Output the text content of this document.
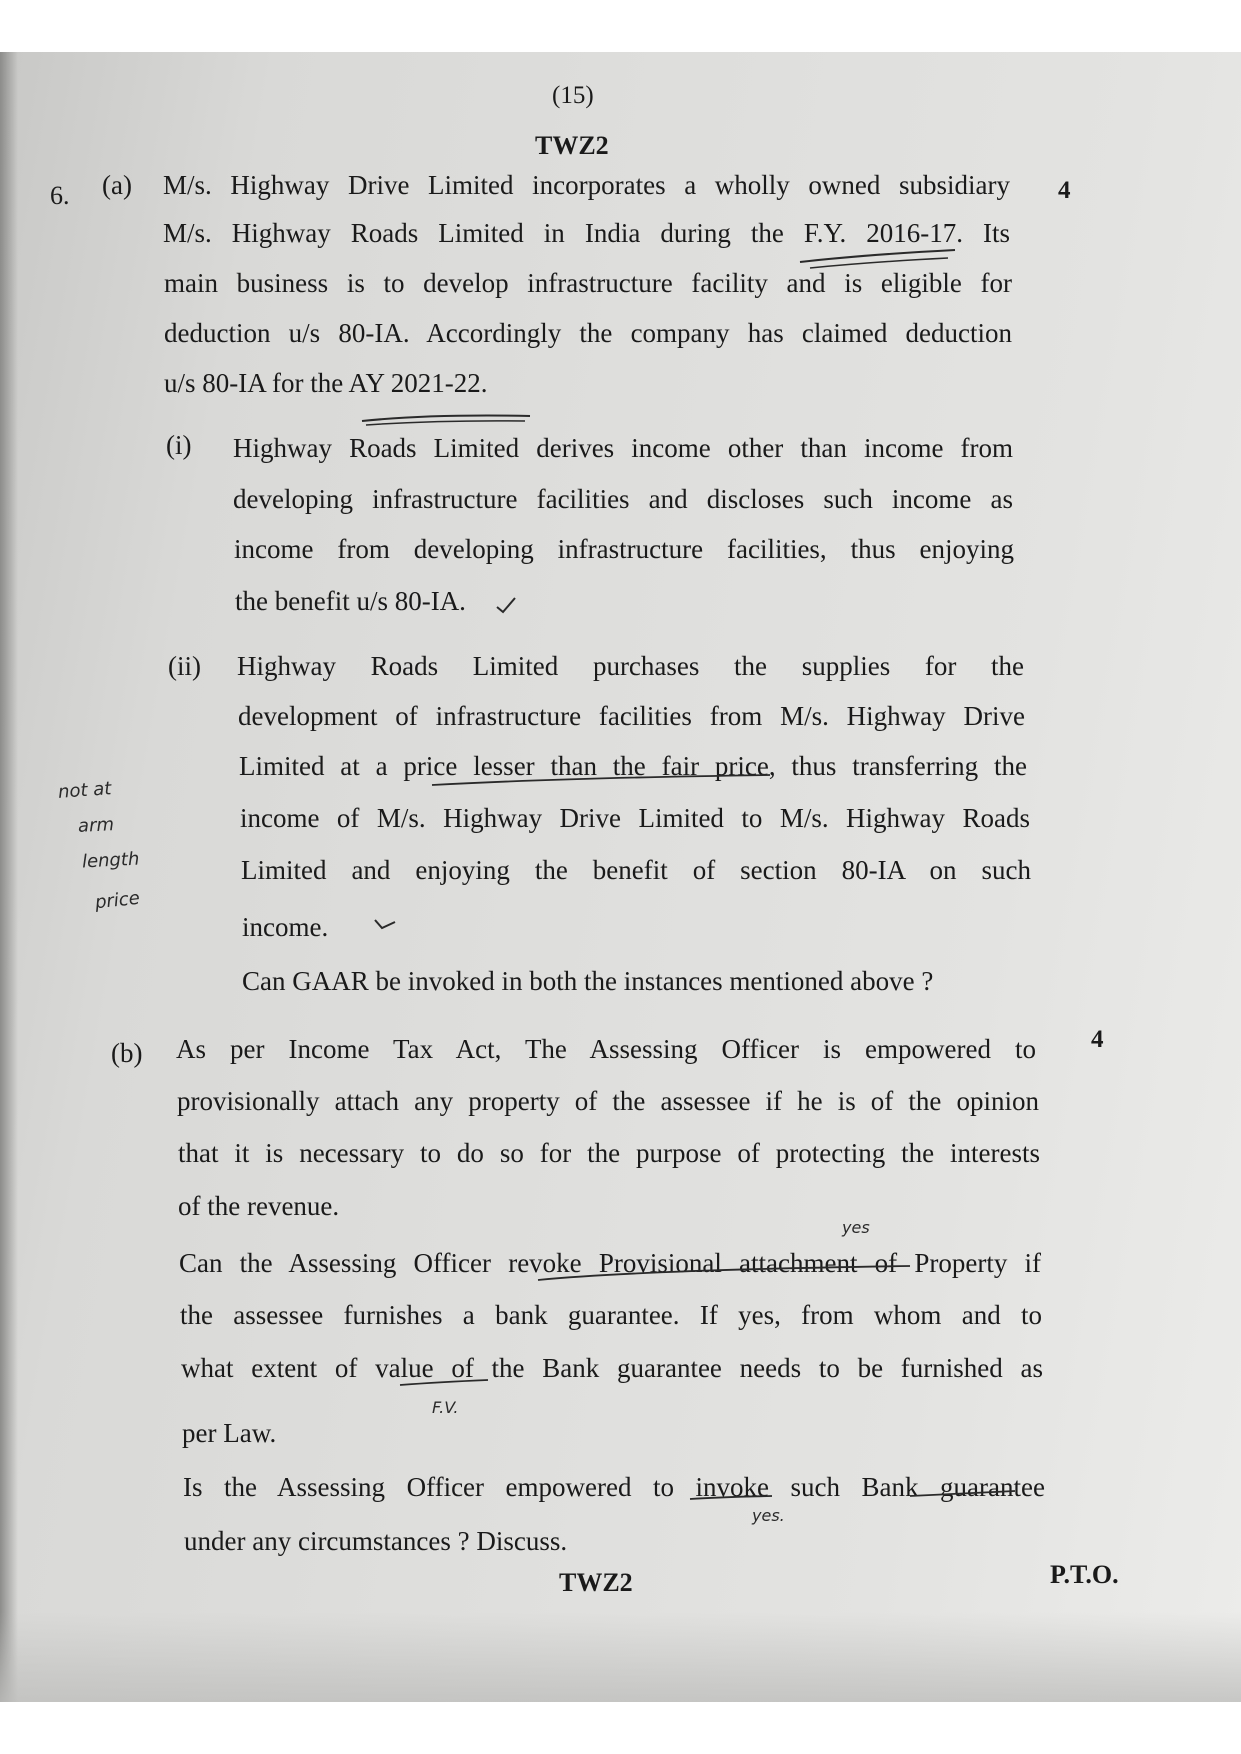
(15)
TWZ2
6. (a)	4
M/s. Highway Drive Limited incorporates a wholly owned subsidiary
M/s. Highway Roads Limited in India during the F.Y. 2016-17. Its
main business is to develop infrastructure facility and is eligible for
deduction u/s 80-IA. Accordingly the company has claimed deduction
u/s 80-IA for the AY 2021-22.
(i) Highway Roads Limited derives income other than income from
developing infrastructure facilities and discloses such income as
income from developing infrastructure facilities, thus enjoying
the benefit u/s 80-IA.
(ii) Highway Roads Limited purchases the supplies for the
development of infrastructure facilities from M/s. Highway Drive
Limited at a price lesser than the fair price, thus transferring the
income of M/s. Highway Drive Limited to M/s. Highway Roads
Limited and enjoying the benefit of section 80-IA on such
income.
Can GAAR be invoked in both the instances mentioned above ?
(b)	4
As per Income Tax Act, The Assessing Officer is empowered to
provisionally attach any property of the assessee if he is of the opinion
that it is necessary to do so for the purpose of protecting the interests
of the revenue.
Can the Assessing Officer revoke Provisional attachment of Property if
the assessee furnishes a bank guarantee. If yes, from whom and to
what extent of value of the Bank guarantee needs to be furnished as
per Law.
Is the Assessing Officer empowered to invoke such Bank guarantee
under any circumstances ? Discuss.
TWZ2	P.T.O.
not at
arm
length
price
yes
F.V.
yes.
